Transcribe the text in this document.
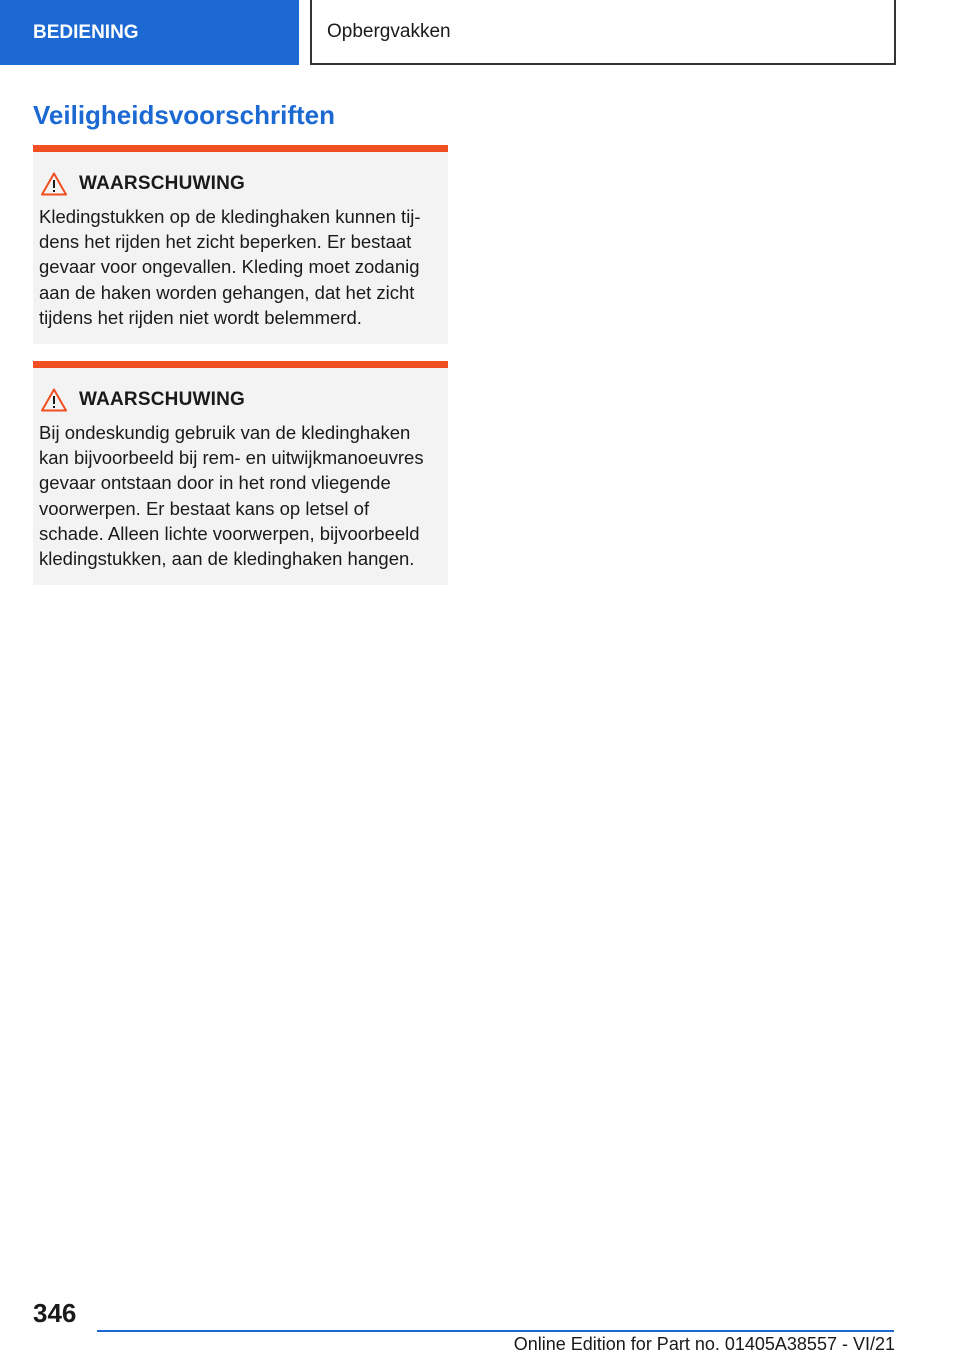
BEDIENING	Opbergvakken
Veiligheidsvoorschriften
WAARSCHUWING

Kledingstukken op de kledinghaken kunnen tij-
dens het rijden het zicht beperken. Er bestaat
gevaar voor ongevallen. Kleding moet zodanig
aan de haken worden gehangen, dat het zicht
tijdens het rijden niet wordt belemmerd.

WAARSCHUWING

Bij ondeskundig gebruik van de kledinghaken
kan bijvoorbeeld bij rem- en uitwijkmanoeuvres
gevaar ontstaan door in het rond vliegende
voorwerpen. Er bestaat kans op letsel of
schade. Alleen lichte voorwerpen, bijvoorbeeld
kledingstukken, aan de kledinghaken hangen.

346
Online Edition for Part no. 01405A38557 - VI/21
